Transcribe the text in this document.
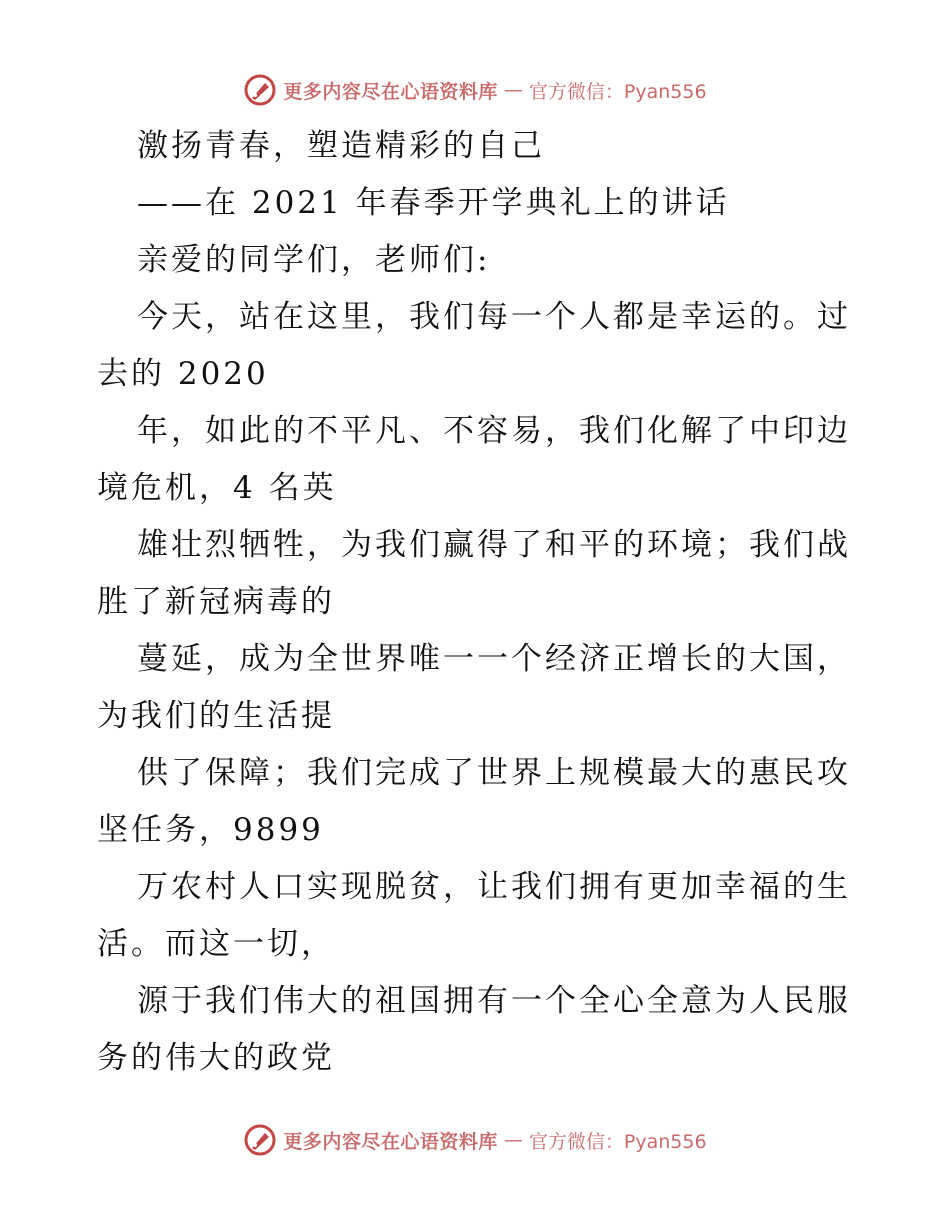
更多内容尽在心语资料库 — 官方微信：Pyan556
激扬青春，塑造精彩的自己
——在 2021 年春季开学典礼上的讲话
亲爱的同学们，老师们:
今天，站在这里，我们每一个人都是幸运的。过
去的 2020
年，如此的不平凡、不容易，我们化解了中印边
境危机，4 名英
雄壮烈牺牲，为我们赢得了和平的环境；我们战
胜了新冠病毒的
蔓延，成为全世界唯一一个经济正增长的大国，
为我们的生活提
供了保障；我们完成了世界上规模最大的惠民攻
坚任务，9899
万农村人口实现脱贫，让我们拥有更加幸福的生
活。而这一切，
源于我们伟大的祖国拥有一个全心全意为人民服
务的伟大的政党
更多内容尽在心语资料库 — 官方微信：Pyan556
